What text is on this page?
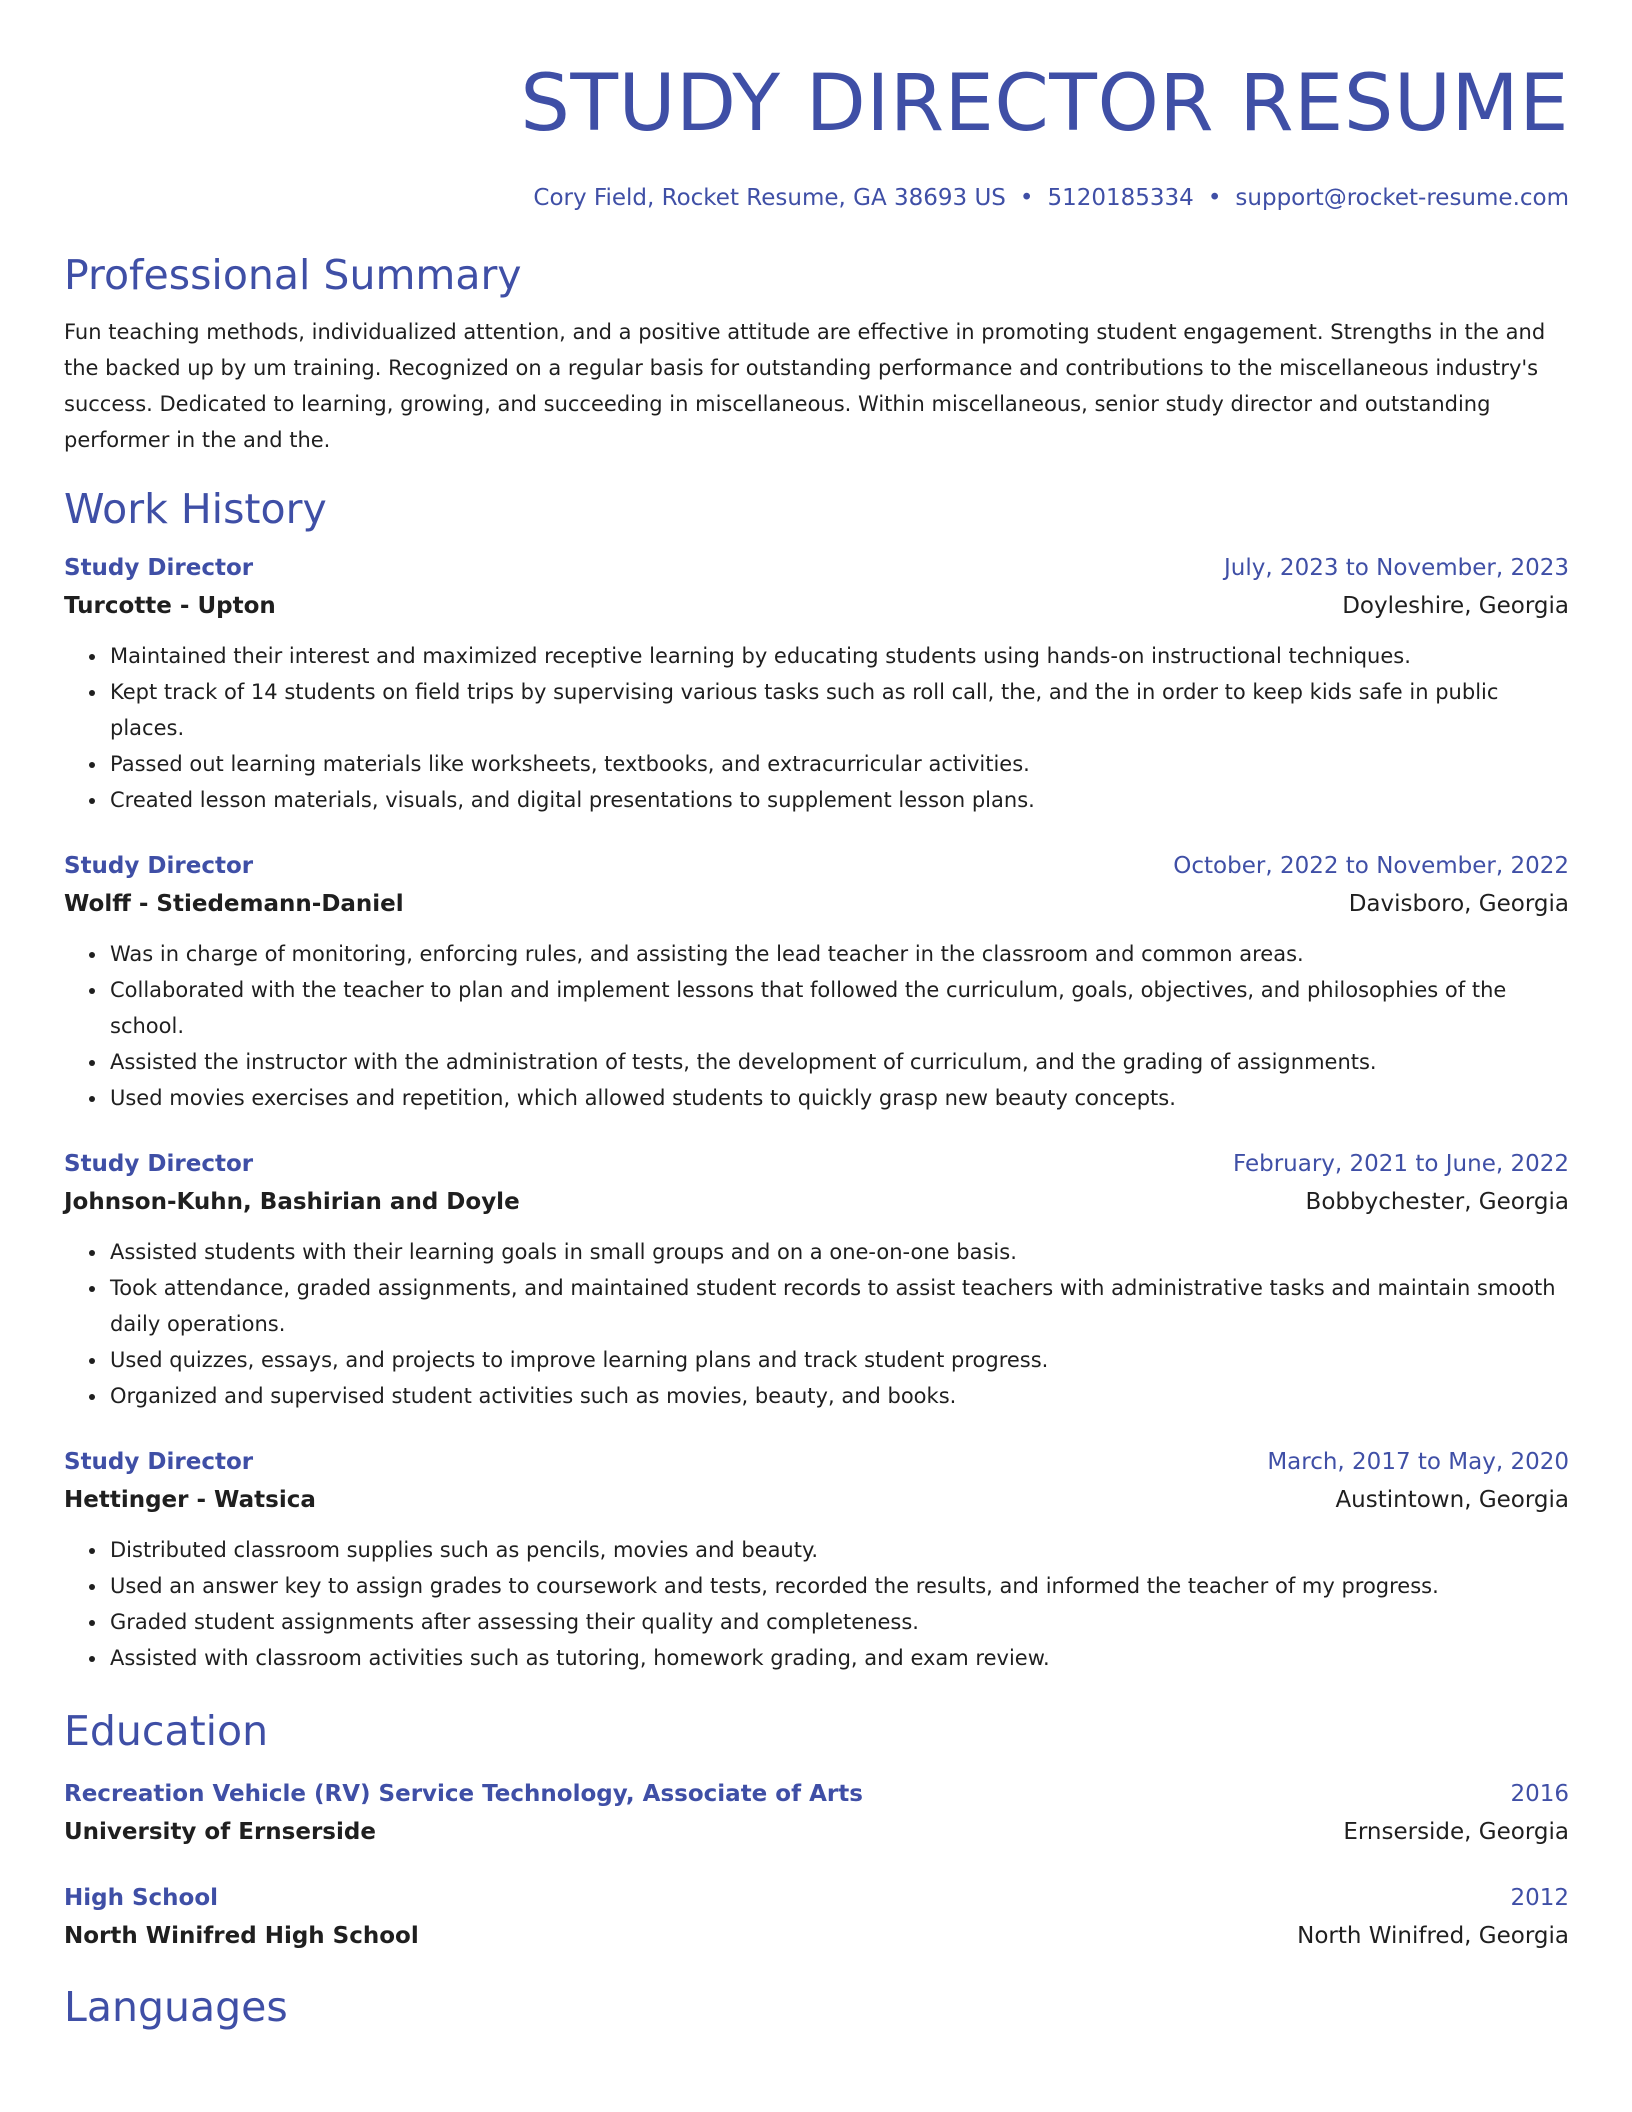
STUDY DIRECTOR RESUME
Cory Field, Rocket Resume, GA 38693 US • 5120185334 • support@rocket-resume.com
Professional Summary

Fun teaching methods, individualized attention, and a positive attitude are effective in promoting student engagement. Strengths in the and the backed up by um training. Recognized on a regular basis for outstanding performance and contributions to the miscellaneous industry's success. Dedicated to learning, growing, and succeeding in miscellaneous. Within miscellaneous, senior study director and outstanding performer in the and the.

Work History
Study Director	July, 2023 to November, 2023
Turcotte - Upton	Doyleshire, Georgia
• Maintained their interest and maximized receptive learning by educating students using hands-on instructional techniques.
• Kept track of 14 students on field trips by supervising various tasks such as roll call, the, and the in order to keep kids safe in public places.
• Passed out learning materials like worksheets, textbooks, and extracurricular activities.
• Created lesson materials, visuals, and digital presentations to supplement lesson plans.
Study Director	October, 2022 to November, 2022
Wolff - Stiedemann-Daniel	Davisboro, Georgia
• Was in charge of monitoring, enforcing rules, and assisting the lead teacher in the classroom and common areas.
• Collaborated with the teacher to plan and implement lessons that followed the curriculum, goals, objectives, and philosophies of the school.
• Assisted the instructor with the administration of tests, the development of curriculum, and the grading of assignments.
• Used movies exercises and repetition, which allowed students to quickly grasp new beauty concepts.
Study Director	February, 2021 to June, 2022
Johnson-Kuhn, Bashirian and Doyle	Bobbychester, Georgia
• Assisted students with their learning goals in small groups and on a one-on-one basis.
• Took attendance, graded assignments, and maintained student records to assist teachers with administrative tasks and maintain smooth daily operations.
• Used quizzes, essays, and projects to improve learning plans and track student progress.
• Organized and supervised student activities such as movies, beauty, and books.
Study Director	March, 2017 to May, 2020
Hettinger - Watsica	Austintown, Georgia
• Distributed classroom supplies such as pencils, movies and beauty.
• Used an answer key to assign grades to coursework and tests, recorded the results, and informed the teacher of my progress.
• Graded student assignments after assessing their quality and completeness.
• Assisted with classroom activities such as tutoring, homework grading, and exam review.
Education
Recreation Vehicle (RV) Service Technology, Associate of Arts	2016
University of Ernserside	Ernserside, Georgia
High School	2012
North Winifred High School	North Winifred, Georgia
Languages
